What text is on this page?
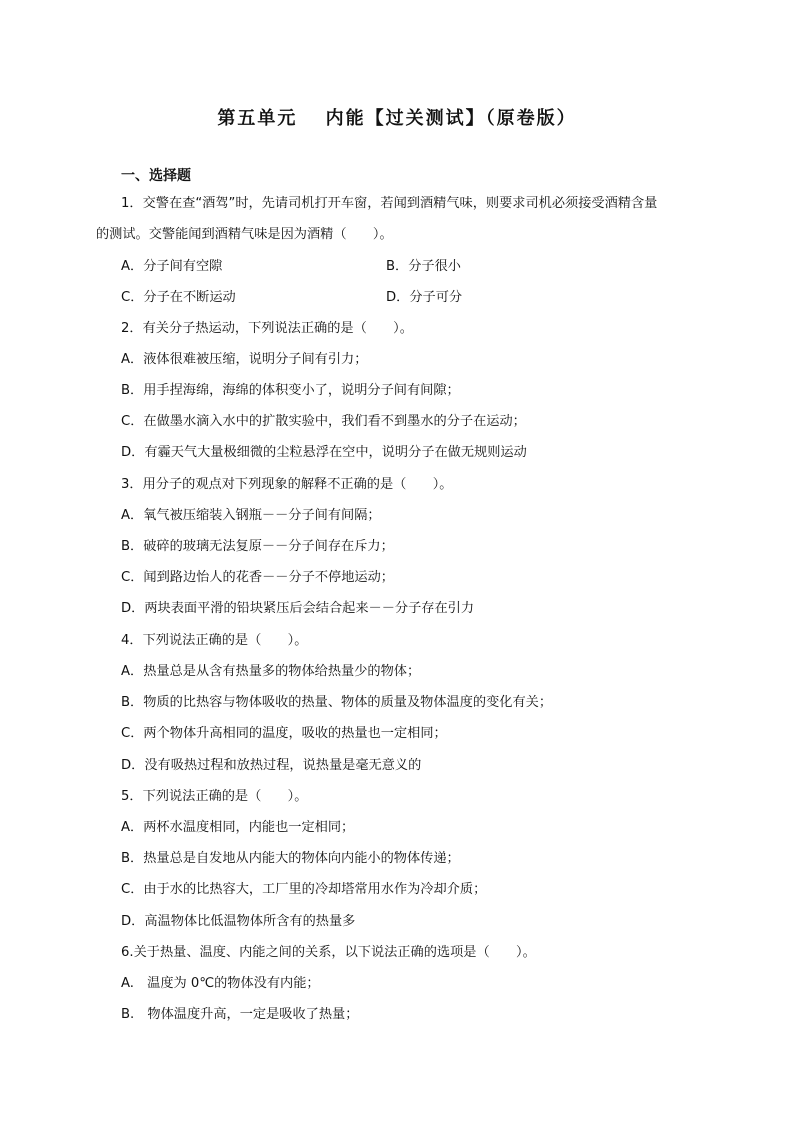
第五单元　 内能【过关测试】（原卷版）
一、选择题
1．交警在查“酒驾”时，先请司机打开车窗，若闻到酒精气味，则要求司机必须接受酒精含量
的测试。交警能闻到酒精气味是因为酒精（　　）。
A．分子间有空隙	B．分子很小
C．分子在不断运动	D．分子可分
2．有关分子热运动，下列说法正确的是（　　）。
A．液体很难被压缩，说明分子间有引力；
B．用手捏海绵，海绵的体积变小了，说明分子间有间隙；
C．在做墨水滴入水中的扩散实验中，我们看不到墨水的分子在运动；
D．有霾天气大量极细微的尘粒悬浮在空中，说明分子在做无规则运动
3．用分子的观点对下列现象的解释不正确的是（　　）。
A．氧气被压缩装入钢瓶－－分子间有间隔；
B．破碎的玻璃无法复原－－分子间存在斥力；
C．闻到路边怡人的花香－－分子不停地运动；
D．两块表面平滑的铅块紧压后会结合起来－－分子存在引力
4．下列说法正确的是（　　）。
A．热量总是从含有热量多的物体给热量少的物体；
B．物质的比热容与物体吸收的热量、物体的质量及物体温度的变化有关；
C．两个物体升高相同的温度，吸收的热量也一定相同；
D．没有吸热过程和放热过程，说热量是毫无意义的
5．下列说法正确的是（　　）。
A．两杯水温度相同，内能也一定相同；
B．热量总是自发地从内能大的物体向内能小的物体传递；
C．由于水的比热容大，工厂里的冷却塔常用水作为冷却介质；
D．高温物体比低温物体所含有的热量多
6.关于热量、温度、内能之间的关系，以下说法正确的选项是（　　）。
A.　温度为 0℃的物体没有内能；
B.　物体温度升高，一定是吸收了热量；
